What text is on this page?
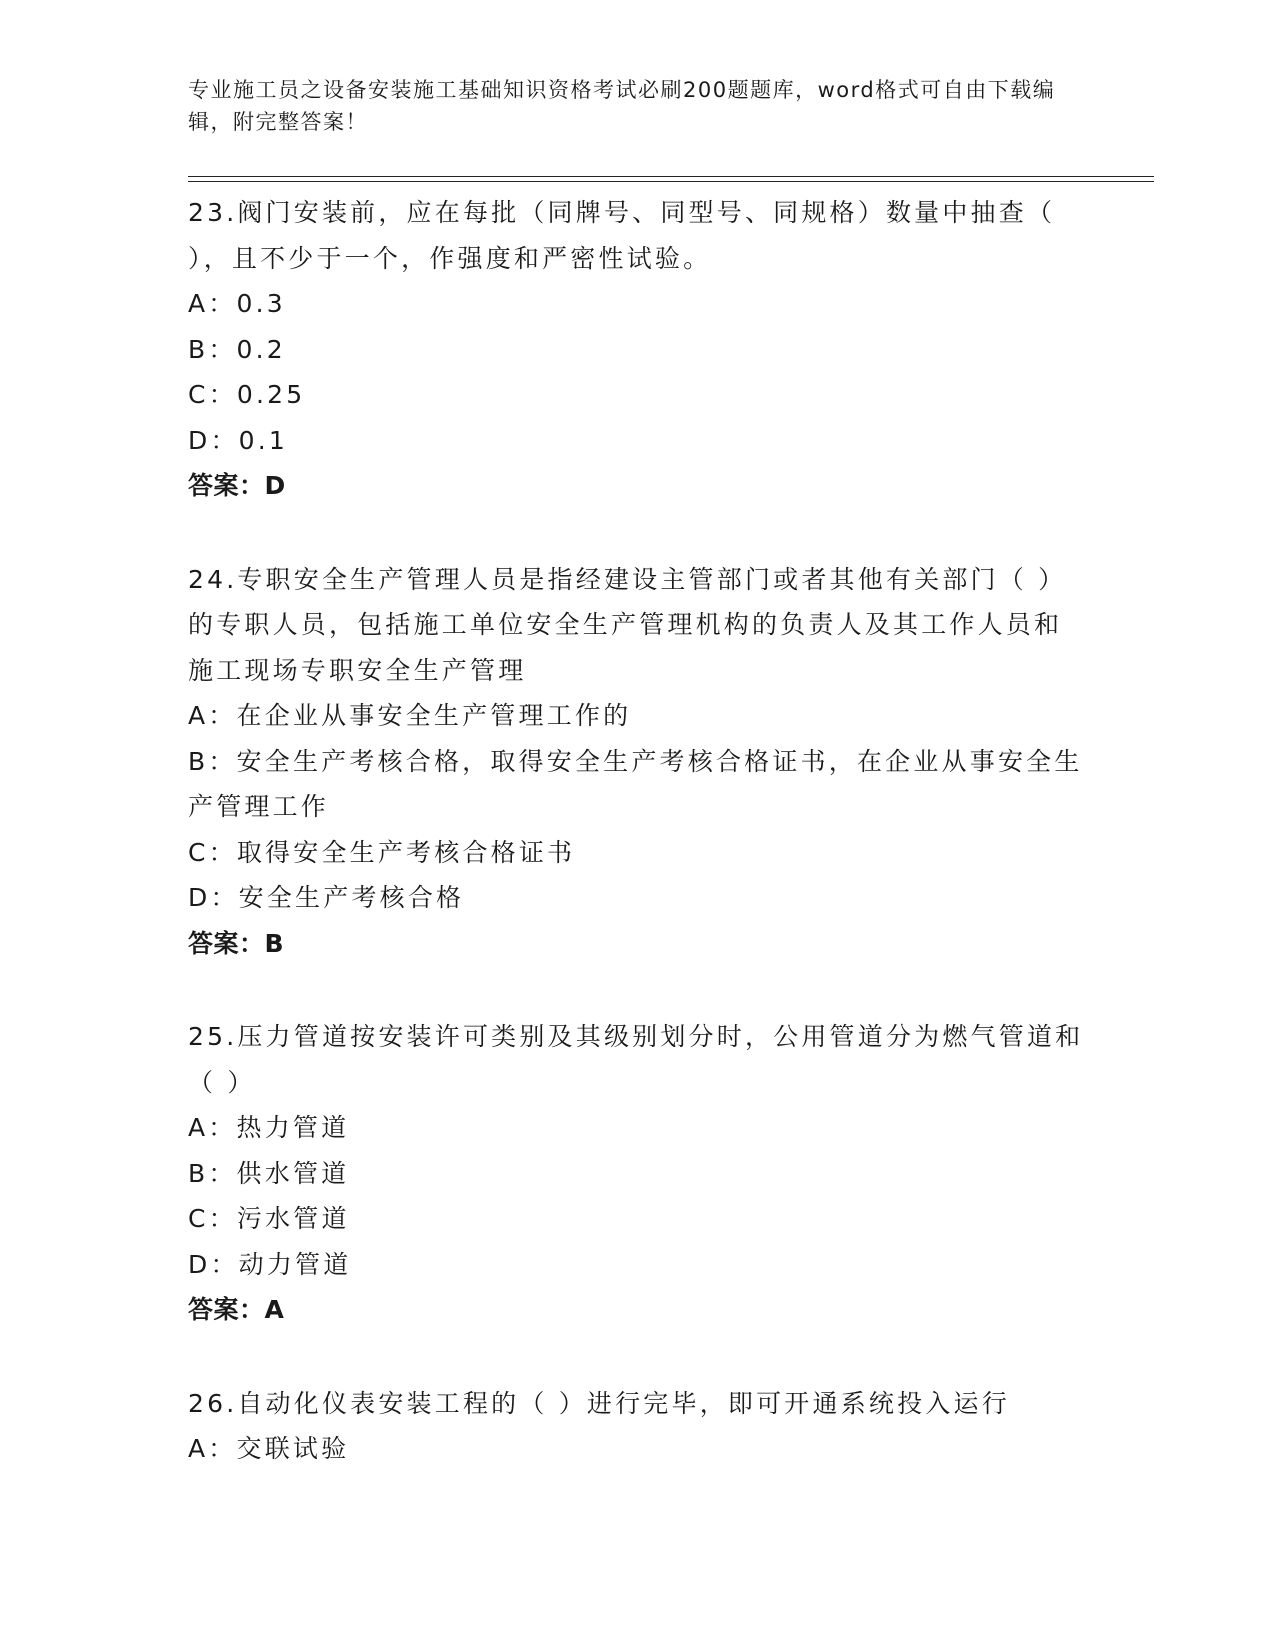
专业施工员之设备安装施工基础知识资格考试必刷200题题库，word格式可自由下载编辑，附完整答案！

23.阀门安装前，应在每批（同牌号、同型号、同规格）数量中抽查（ ），且不少于一个，作强度和严密性试验。

A：0.3

B：0.2

C：0.25

D：0.1

答案：D

24.专职安全生产管理人员是指经建设主管部门或者其他有关部门（ ）的专职人员，包括施工单位安全生产管理机构的负责人及其工作人员和施工现场专职安全生产管理

A：在企业从事安全生产管理工作的

B：安全生产考核合格，取得安全生产考核合格证书，在企业从事安全生产管理工作

C：取得安全生产考核合格证书

D：安全生产考核合格

答案：B

25.压力管道按安装许可类别及其级别划分时，公用管道分为燃气管道和（ ）

A：热力管道

B：供水管道

C：污水管道

D：动力管道

答案：A

26.自动化仪表安装工程的（ ）进行完毕，即可开通系统投入运行

A：交联试验
